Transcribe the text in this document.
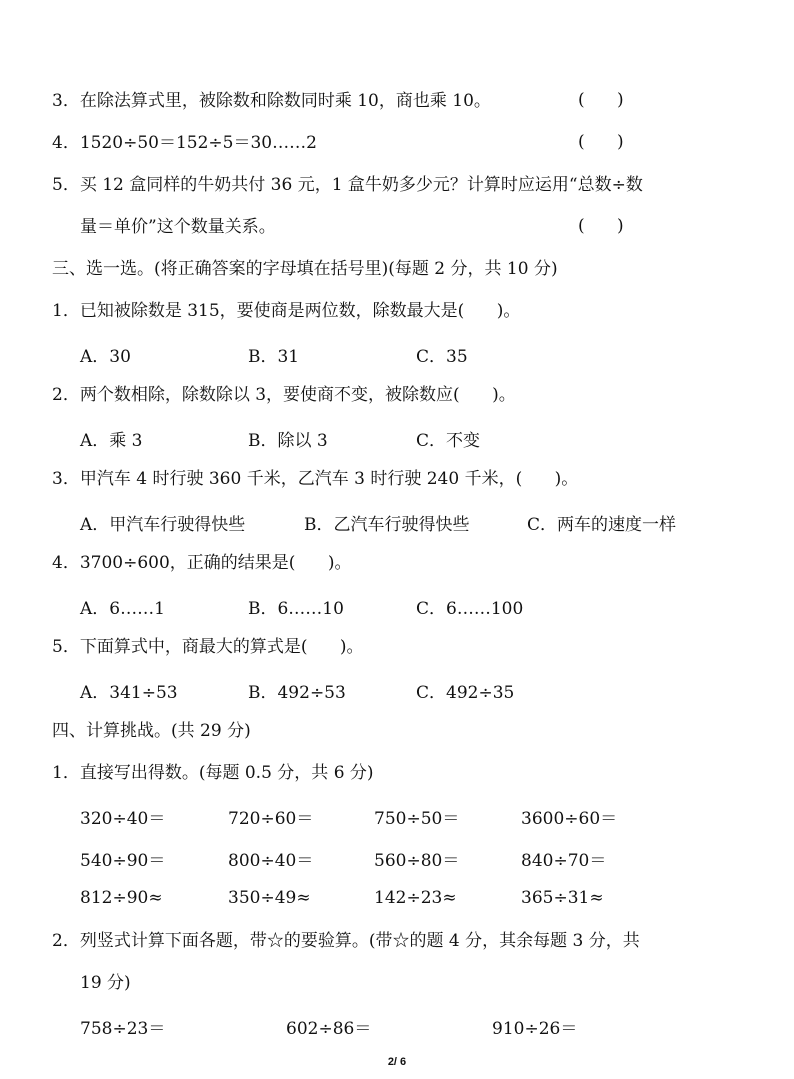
3．在除法算式里，被除数和除数同时乘 10，商也乘 10。	(      )
4．1520÷50＝152÷5＝30……2	(      )
5．买 12 盒同样的牛奶共付 36 元，1 盒牛奶多少元？计算时应运用“总数÷数
量＝单价”这个数量关系。	(      )
三、选一选。(将正确答案的字母填在括号里)(每题 2 分，共 10 分)
1．已知被除数是 315，要使商是两位数，除数最大是(      )。
A．30	B．31	C．35
2．两个数相除，除数除以 3，要使商不变，被除数应(      )。
A．乘 3	B．除以 3	C．不变
3．甲汽车 4 时行驶 360 千米，乙汽车 3 时行驶 240 千米，(      )。
A．甲汽车行驶得快些	B．乙汽车行驶得快些	C．两车的速度一样
4．3700÷600，正确的结果是(      )。
A．6……1	B．6……10	C．6……100
5．下面算式中，商最大的算式是(      )。
A．341÷53	B．492÷53	C．492÷35
四、计算挑战。(共 29 分)
1．直接写出得数。(每题 0.5 分，共 6 分)
320÷40＝	720÷60＝	750÷50＝	3600÷60＝
540÷90＝	800÷40＝	560÷80＝	840÷70＝
812÷90≈	350÷49≈	142÷23≈	365÷31≈
2．列竖式计算下面各题，带☆的要验算。(带☆的题 4 分，其余每题 3 分，共
19 分)
758÷23＝	602÷86＝	910÷26＝
2/ 6
